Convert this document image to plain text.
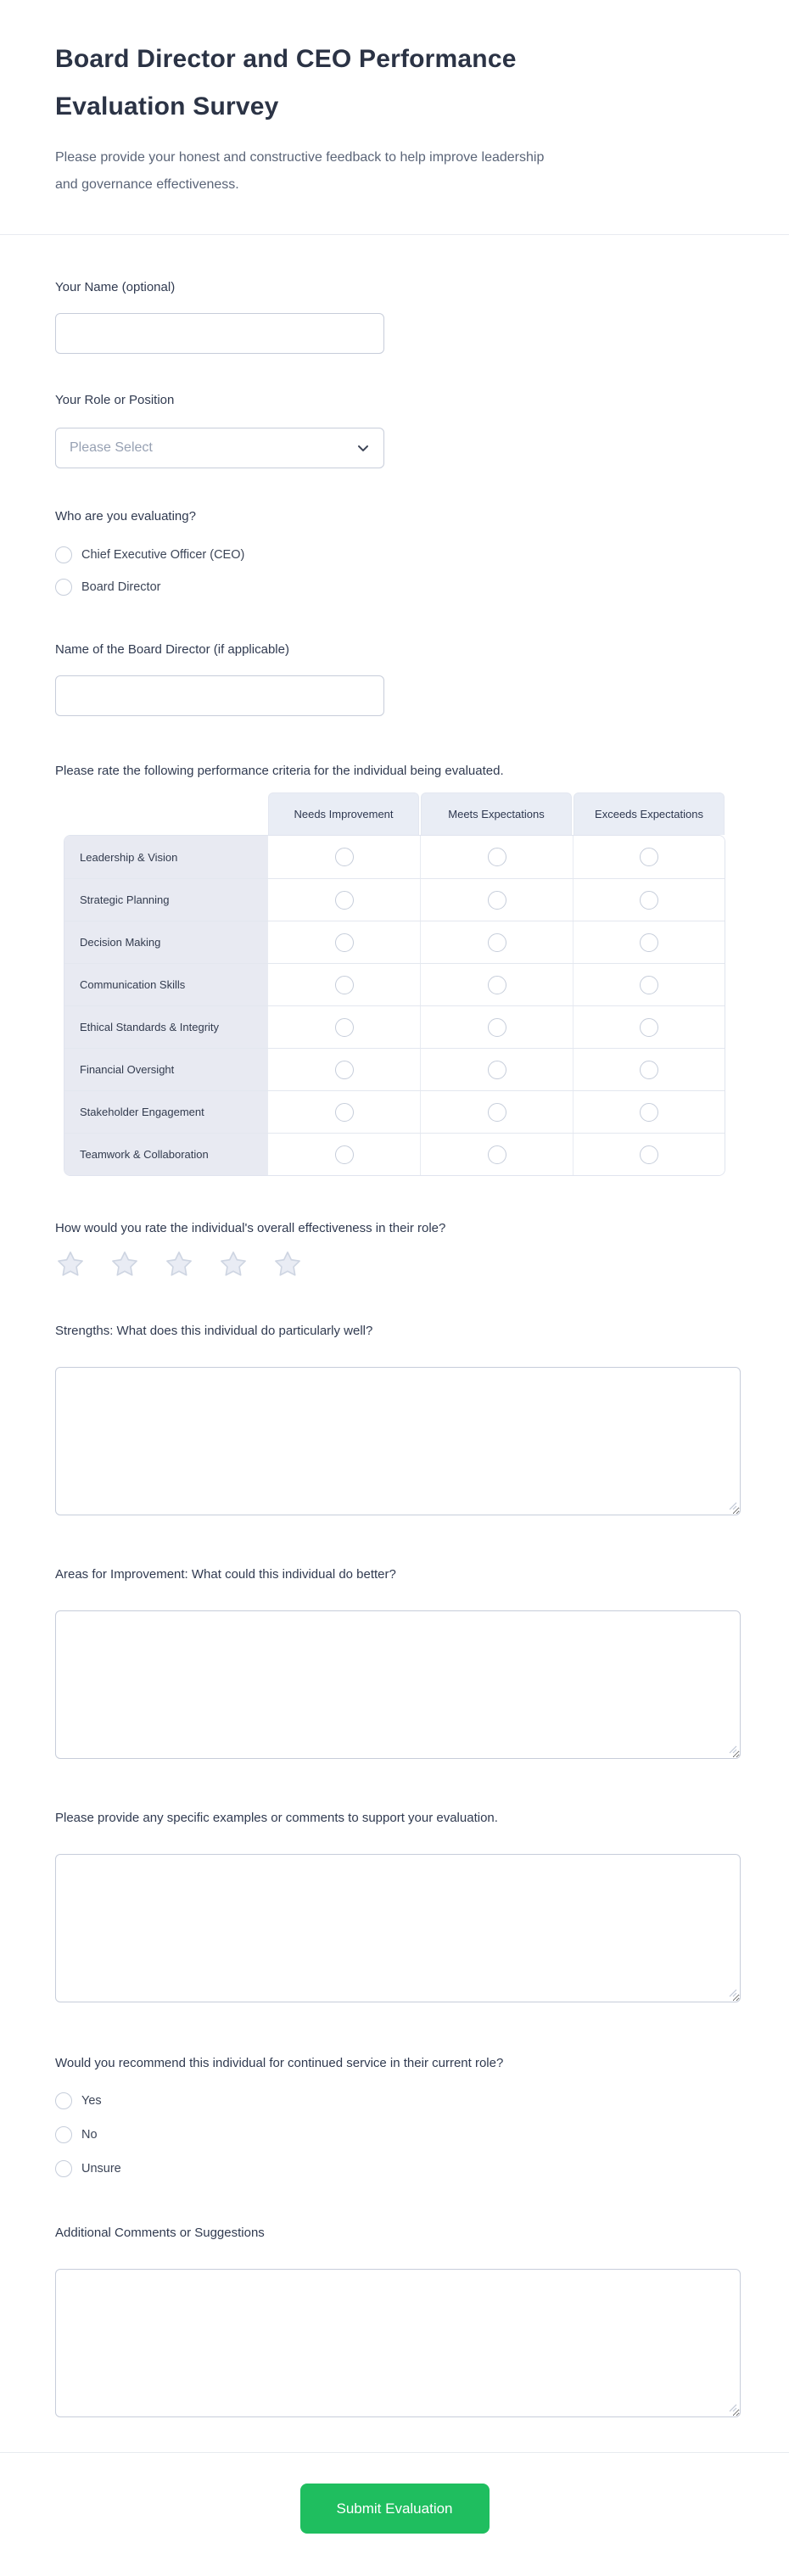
Board Director and CEO Performance Evaluation Survey

Please provide your honest and constructive feedback to help improve leadership and governance effectiveness.

Your Name (optional)
Your Role or Position
Please Select
Who are you evaluating?
Chief Executive Officer (CEO)
Board Director
Name of the Board Director (if applicable)
Please rate the following performance criteria for the individual being evaluated.
Needs Improvement	Meets Expectations	Exceeds Expectations
Leadership & Vision
Strategic Planning
Decision Making
Communication Skills
Ethical Standards & Integrity
Financial Oversight
Stakeholder Engagement
Teamwork & Collaboration
How would you rate the individual's overall effectiveness in their role?
Strengths: What does this individual do particularly well?
Areas for Improvement: What could this individual do better?
Please provide any specific examples or comments to support your evaluation.
Would you recommend this individual for continued service in their current role?
Yes
No
Unsure
Additional Comments or Suggestions
Submit Evaluation
